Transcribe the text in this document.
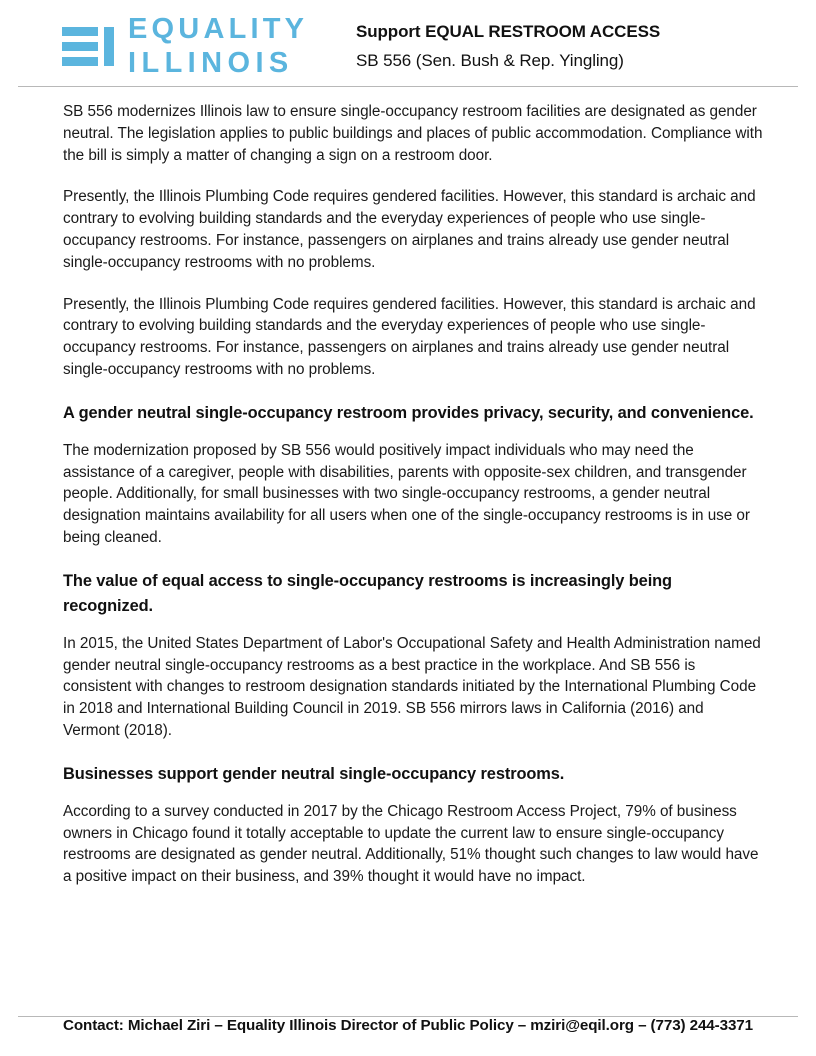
EQUALITY
ILLINOIS
Support EQUAL RESTROOM ACCESS
SB 556 (Sen. Bush & Rep. Yingling)

SB 556 modernizes Illinois law to ensure single-occupancy restroom facilities are designated as gender neutral. The legislation applies to public buildings and places of public accommodation. Compliance with the bill is simply a matter of changing a sign on a restroom door.

Presently, the Illinois Plumbing Code requires gendered facilities. However, this standard is archaic and contrary to evolving building standards and the everyday experiences of people who use single-occupancy restrooms. For instance, passengers on airplanes and trains already use gender neutral single-occupancy restrooms with no problems.

Presently, the Illinois Plumbing Code requires gendered facilities. However, this standard is archaic and contrary to evolving building standards and the everyday experiences of people who use single-occupancy restrooms. For instance, passengers on airplanes and trains already use gender neutral single-occupancy restrooms with no problems.

A gender neutral single-occupancy restroom provides privacy, security, and convenience.

The modernization proposed by SB 556 would positively impact individuals who may need the assistance of a caregiver, people with disabilities, parents with opposite-sex children, and transgender people. Additionally, for small businesses with two single-occupancy restrooms, a gender neutral designation maintains availability for all users when one of the single-occupancy restrooms is in use or being cleaned.

The value of equal access to single-occupancy restrooms is increasingly being recognized.

In 2015, the United States Department of Labor's Occupational Safety and Health Administration named gender neutral single-occupancy restrooms as a best practice in the workplace. And SB 556 is consistent with changes to restroom designation standards initiated by the International Plumbing Code in 2018 and International Building Council in 2019. SB 556 mirrors laws in California (2016) and Vermont (2018).

Businesses support gender neutral single-occupancy restrooms.

According to a survey conducted in 2017 by the Chicago Restroom Access Project, 79% of business owners in Chicago found it totally acceptable to update the current law to ensure single-occupancy restrooms are designated as gender neutral. Additionally, 51% thought such changes to law would have a positive impact on their business, and 39% thought it would have no impact.

Contact: Michael Ziri – Equality Illinois Director of Public Policy – mziri@eqil.org – (773) 244-3371
